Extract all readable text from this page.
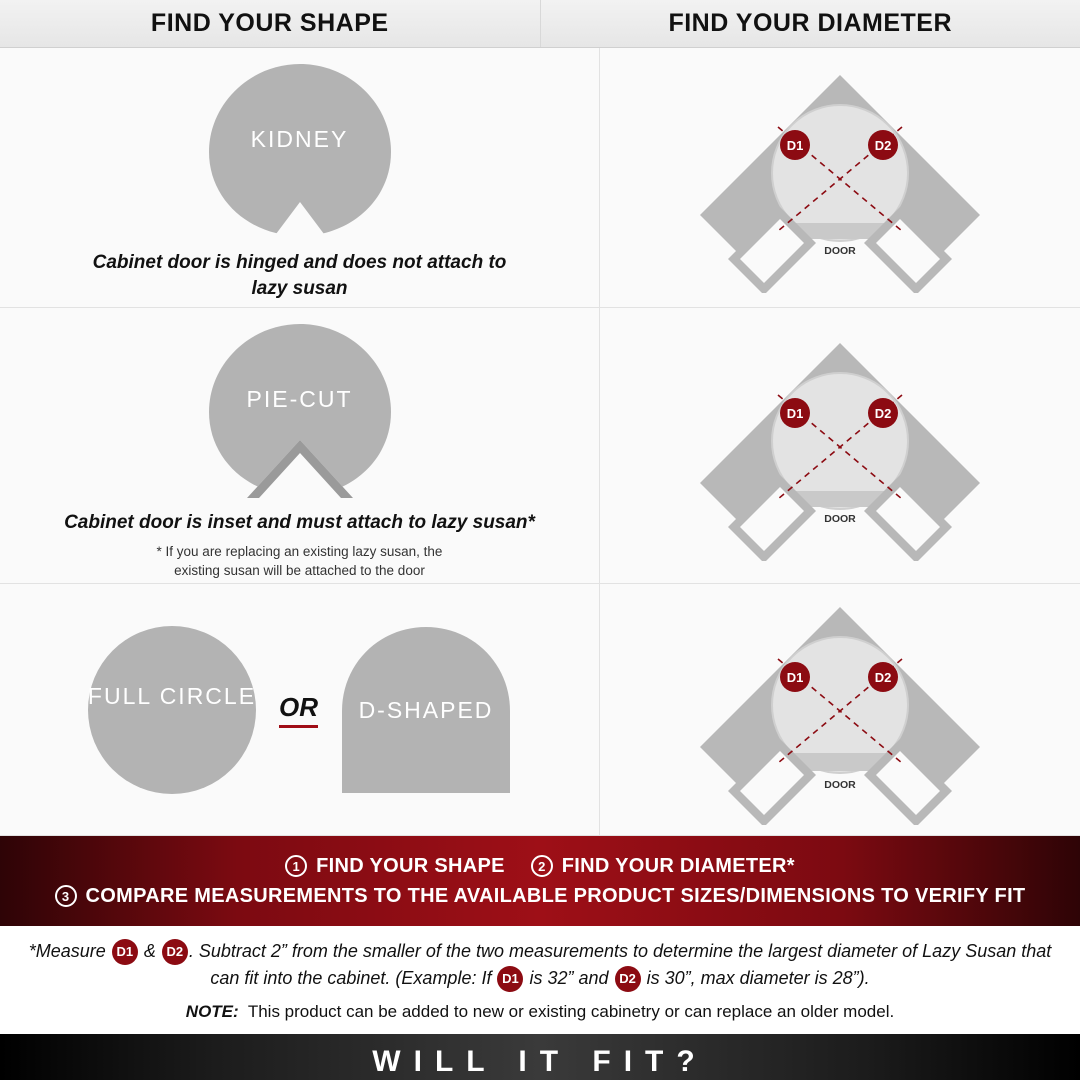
FIND YOUR SHAPE	FIND YOUR DIAMETER
KIDNEY
Cabinet door is hinged and does not attach to lazy susan
D1	D2
DOOR
PIE-CUT
Cabinet door is inset and must attach to lazy susan*
* If you are replacing an existing lazy susan, the existing susan will be attached to the door
D1	D2
DOOR
FULL CIRCLE OR	D-SHAPED
D1	D2
DOOR
1 FIND YOUR SHAPE	2 FIND YOUR DIAMETER*
3 COMPARE MEASUREMENTS TO THE AVAILABLE PRODUCT SIZES/DIMENSIONS TO VERIFY FIT
*Measure D1 & D2 . Subtract 2” from the smaller of the two measurements to determine the largest diameter of Lazy Susan that can fit into the cabinet. (Example: If D1 is 32” and D2 is 30”, max diameter is 28”).
NOTE: This product can be added to new or existing cabinetry or can replace an older model.
WILL IT FIT?
